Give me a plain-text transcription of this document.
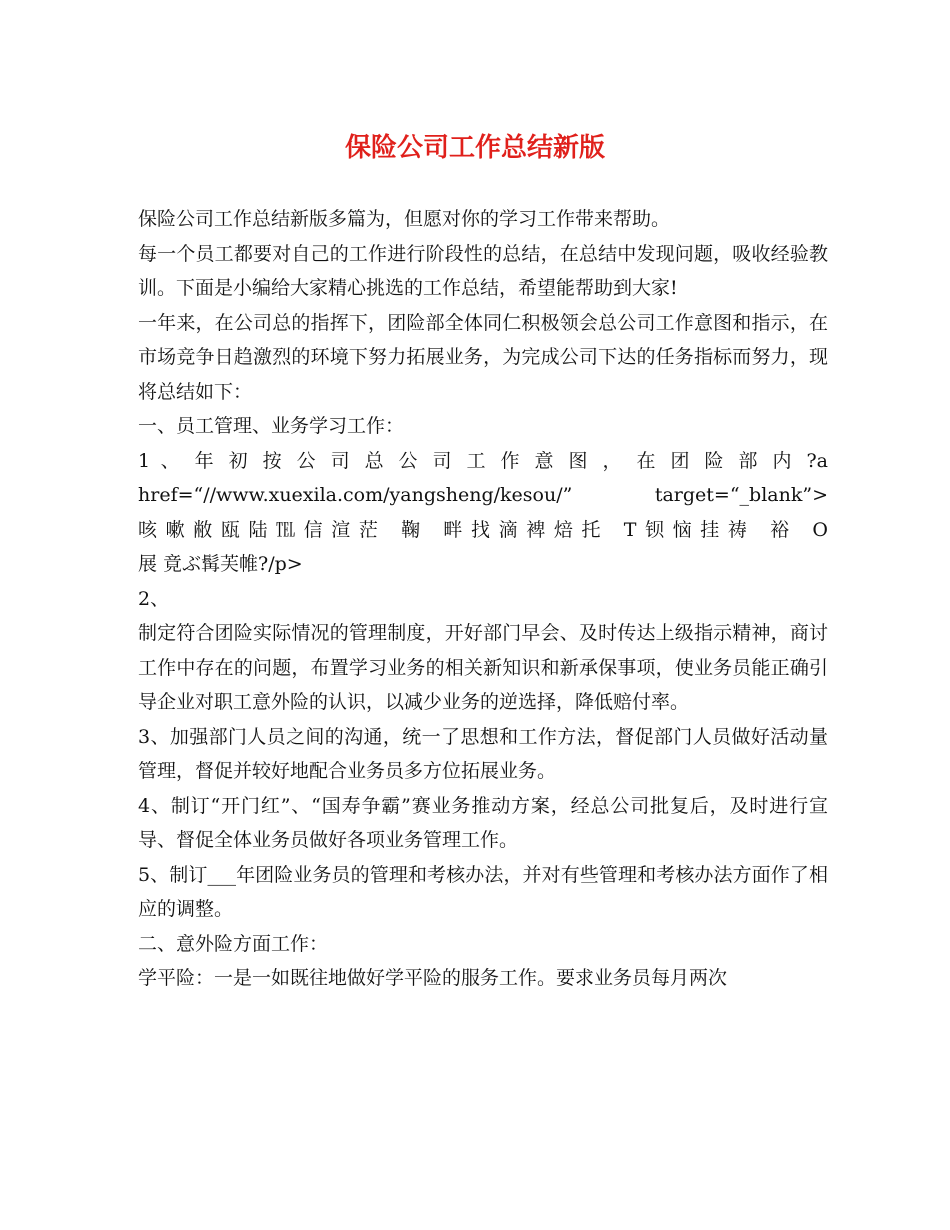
保险公司工作总结新版

保险公司工作总结新版多篇为，但愿对你的学习工作带来帮助。

每一个员工都要对自己的工作进行阶段性的总结，在总结中发现问题，吸收经验教训。下面是小编给大家精心挑选的工作总结，希望能帮助到大家!

一年来，在公司总的指挥下，团险部全体同仁积极领会总公司工作意图和指示，在市场竞争日趋激烈的环境下努力拓展业务，为完成公司下达的任务指标而努力，现将总结如下：

一、员工管理、业务学习工作：

1 、 年 初 按 公 司 总 公 司 工 作 意 图 ， 在 团 险 部 内 ?a

href=“//www.xuexila.com/yangsheng/kesou/” target=“_blank”>

咳嗽敝瓯陆℡信渲茫 鞠 畔找滴裨焙托 T钡恼挂祷 裕 O

展 竟ぶ髯芙帷?/p>

2、

制定符合团险实际情况的管理制度，开好部门早会、及时传达上级指示精神，商讨工作中存在的问题，布置学习业务的相关新知识和新承保事项，使业务员能正确引导企业对职工意外险的认识，以减少业务的逆选择，降低赔付率。

3、加强部门人员之间的沟通，统一了思想和工作方法，督促部门人员做好活动量管理，督促并较好地配合业务员多方位拓展业务。

4、制订“开门红”、“国寿争霸”赛业务推动方案，经总公司批复后，及时进行宣导、督促全体业务员做好各项业务管理工作。

5、制订___年团险业务员的管理和考核办法，并对有些管理和考核办法方面作了相应的调整。

二、意外险方面工作：

学平险：一是一如既往地做好学平险的服务工作。要求业务员每月两次
